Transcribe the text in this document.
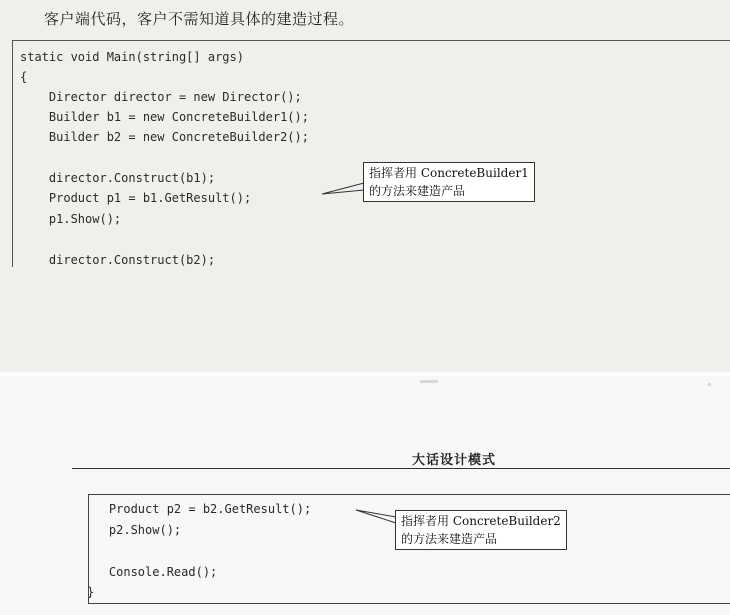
客户端代码，客户不需知道具体的建造过程。
static void Main(string[] args)
{
Director director = new Director();
Builder b1 = new ConcreteBuilder1();
Builder b2 = new ConcreteBuilder2();
director.Construct(b1);
Product p1 = b1.GetResult();
p1.Show();
director.Construct(b2);
指挥者用 ConcreteBuilder1
的方法来建造产品
大话设计模式
Product p2 = b2.GetResult();
p2.Show();
Console.Read();
}
指挥者用 ConcreteBuilder2
的方法来建造产品
